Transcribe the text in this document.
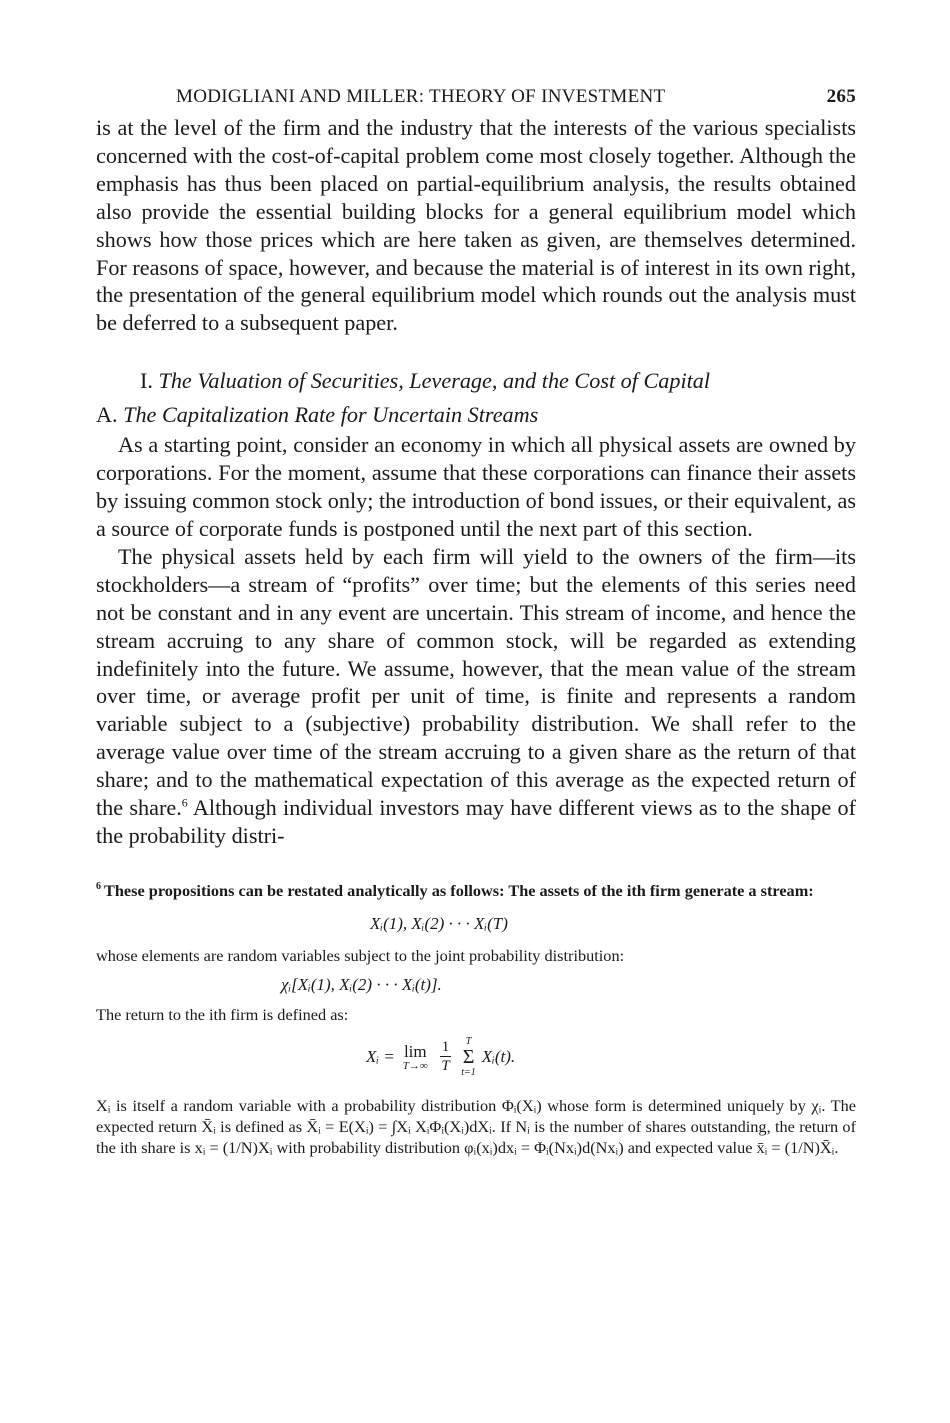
MODIGLIANI AND MILLER: THEORY OF INVESTMENT	265

is at the level of the firm and the industry that the interests of the various specialists concerned with the cost-of-capital problem come most closely together. Although the emphasis has thus been placed on partial-equilibrium analysis, the results obtained also provide the essential building blocks for a general equilibrium model which shows how those prices which are here taken as given, are themselves determined. For reasons of space, however, and because the material is of interest in its own right, the presentation of the general equilibrium model which rounds out the analysis must be deferred to a subsequent paper.

I. The Valuation of Securities, Leverage, and the Cost of Capital

A. The Capitalization Rate for Uncertain Streams

As a starting point, consider an economy in which all physical assets are owned by corporations. For the moment, assume that these corporations can finance their assets by issuing common stock only; the introduction of bond issues, or their equivalent, as a source of corporate funds is postponed until the next part of this section.

The physical assets held by each firm will yield to the owners of the firm—its stockholders—a stream of “profits” over time; but the elements of this series need not be constant and in any event are uncertain. This stream of income, and hence the stream accruing to any share of common stock, will be regarded as extending indefinitely into the future. We assume, however, that the mean value of the stream over time, or average profit per unit of time, is finite and represents a random variable subject to a (subjective) probability distribution. We shall refer to the average value over time of the stream accruing to a given share as the return of that share; and to the mathematical expectation of this average as the expected return of the share.$^6$ Although individual investors may have different views as to the shape of the probability distri-

$^6$ These propositions can be restated analytically as follows: The assets of the ith firm generate a stream:

Xᵢ(1), Xᵢ(2) · · · Xᵢ(T)

whose elements are random variables subject to the joint probability distribution:

χᵢ[Xᵢ(1), Xᵢ(2) · · · Xᵢ(t)].

The return to the ith firm is defined as:

Xᵢ = lim
$T\to\infty \frac{1}{T}$ T
Σ
t=1
Xᵢ(t).

Xᵢ is itself a random variable with a probability distribution Φᵢ(Xᵢ) whose form is determined uniquely by χᵢ. The expected return X̄ᵢ is defined as X̄ᵢ = E(Xᵢ) = ∫Xᵢ XᵢΦᵢ(Xᵢ)dXᵢ. If Nᵢ is the number of shares outstanding, the return of the ith share is xᵢ = (1/N)Xᵢ with probability distribution φᵢ(xᵢ)dxᵢ = Φᵢ(Nxᵢ)d(Nxᵢ) and expected value x̄ᵢ = (1/N)X̄ᵢ.
